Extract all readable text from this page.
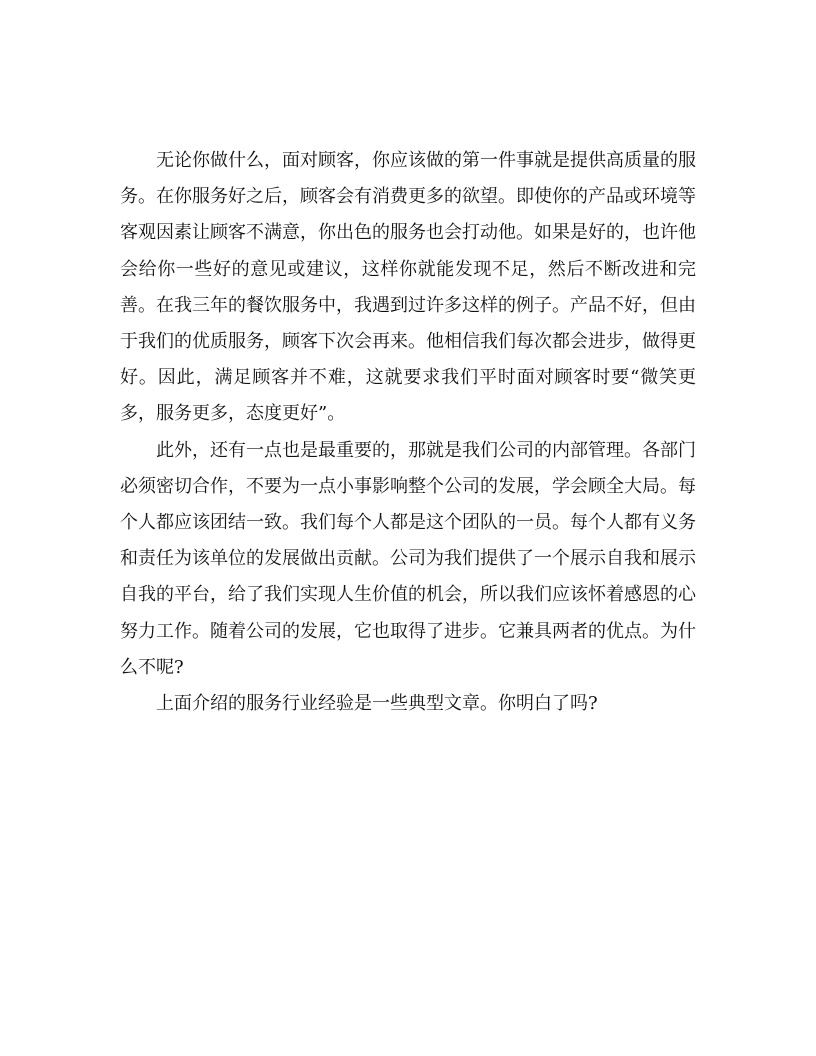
无论你做什么，面对顾客，你应该做的第一件事就是提供高质量的服务。在你服务好之后，顾客会有消费更多的欲望。即使你的产品或环境等客观因素让顾客不满意，你出色的服务也会打动他。如果是好的，也许他会给你一些好的意见或建议，这样你就能发现不足，然后不断改进和完善。在我三年的餐饮服务中，我遇到过许多这样的例子。产品不好，但由于我们的优质服务，顾客下次会再来。他相信我们每次都会进步，做得更好。因此，满足顾客并不难，这就要求我们平时面对顾客时要“微笑更多，服务更多，态度更好”。

此外，还有一点也是最重要的，那就是我们公司的内部管理。各部门必须密切合作，不要为一点小事影响整个公司的发展，学会顾全大局。每个人都应该团结一致。我们每个人都是这个团队的一员。每个人都有义务和责任为该单位的发展做出贡献。公司为我们提供了一个展示自我和展示自我的平台，给了我们实现人生价值的机会，所以我们应该怀着感恩的心努力工作。随着公司的发展，它也取得了进步。它兼具两者的优点。为什么不呢?

上面介绍的服务行业经验是一些典型文章。你明白了吗?
